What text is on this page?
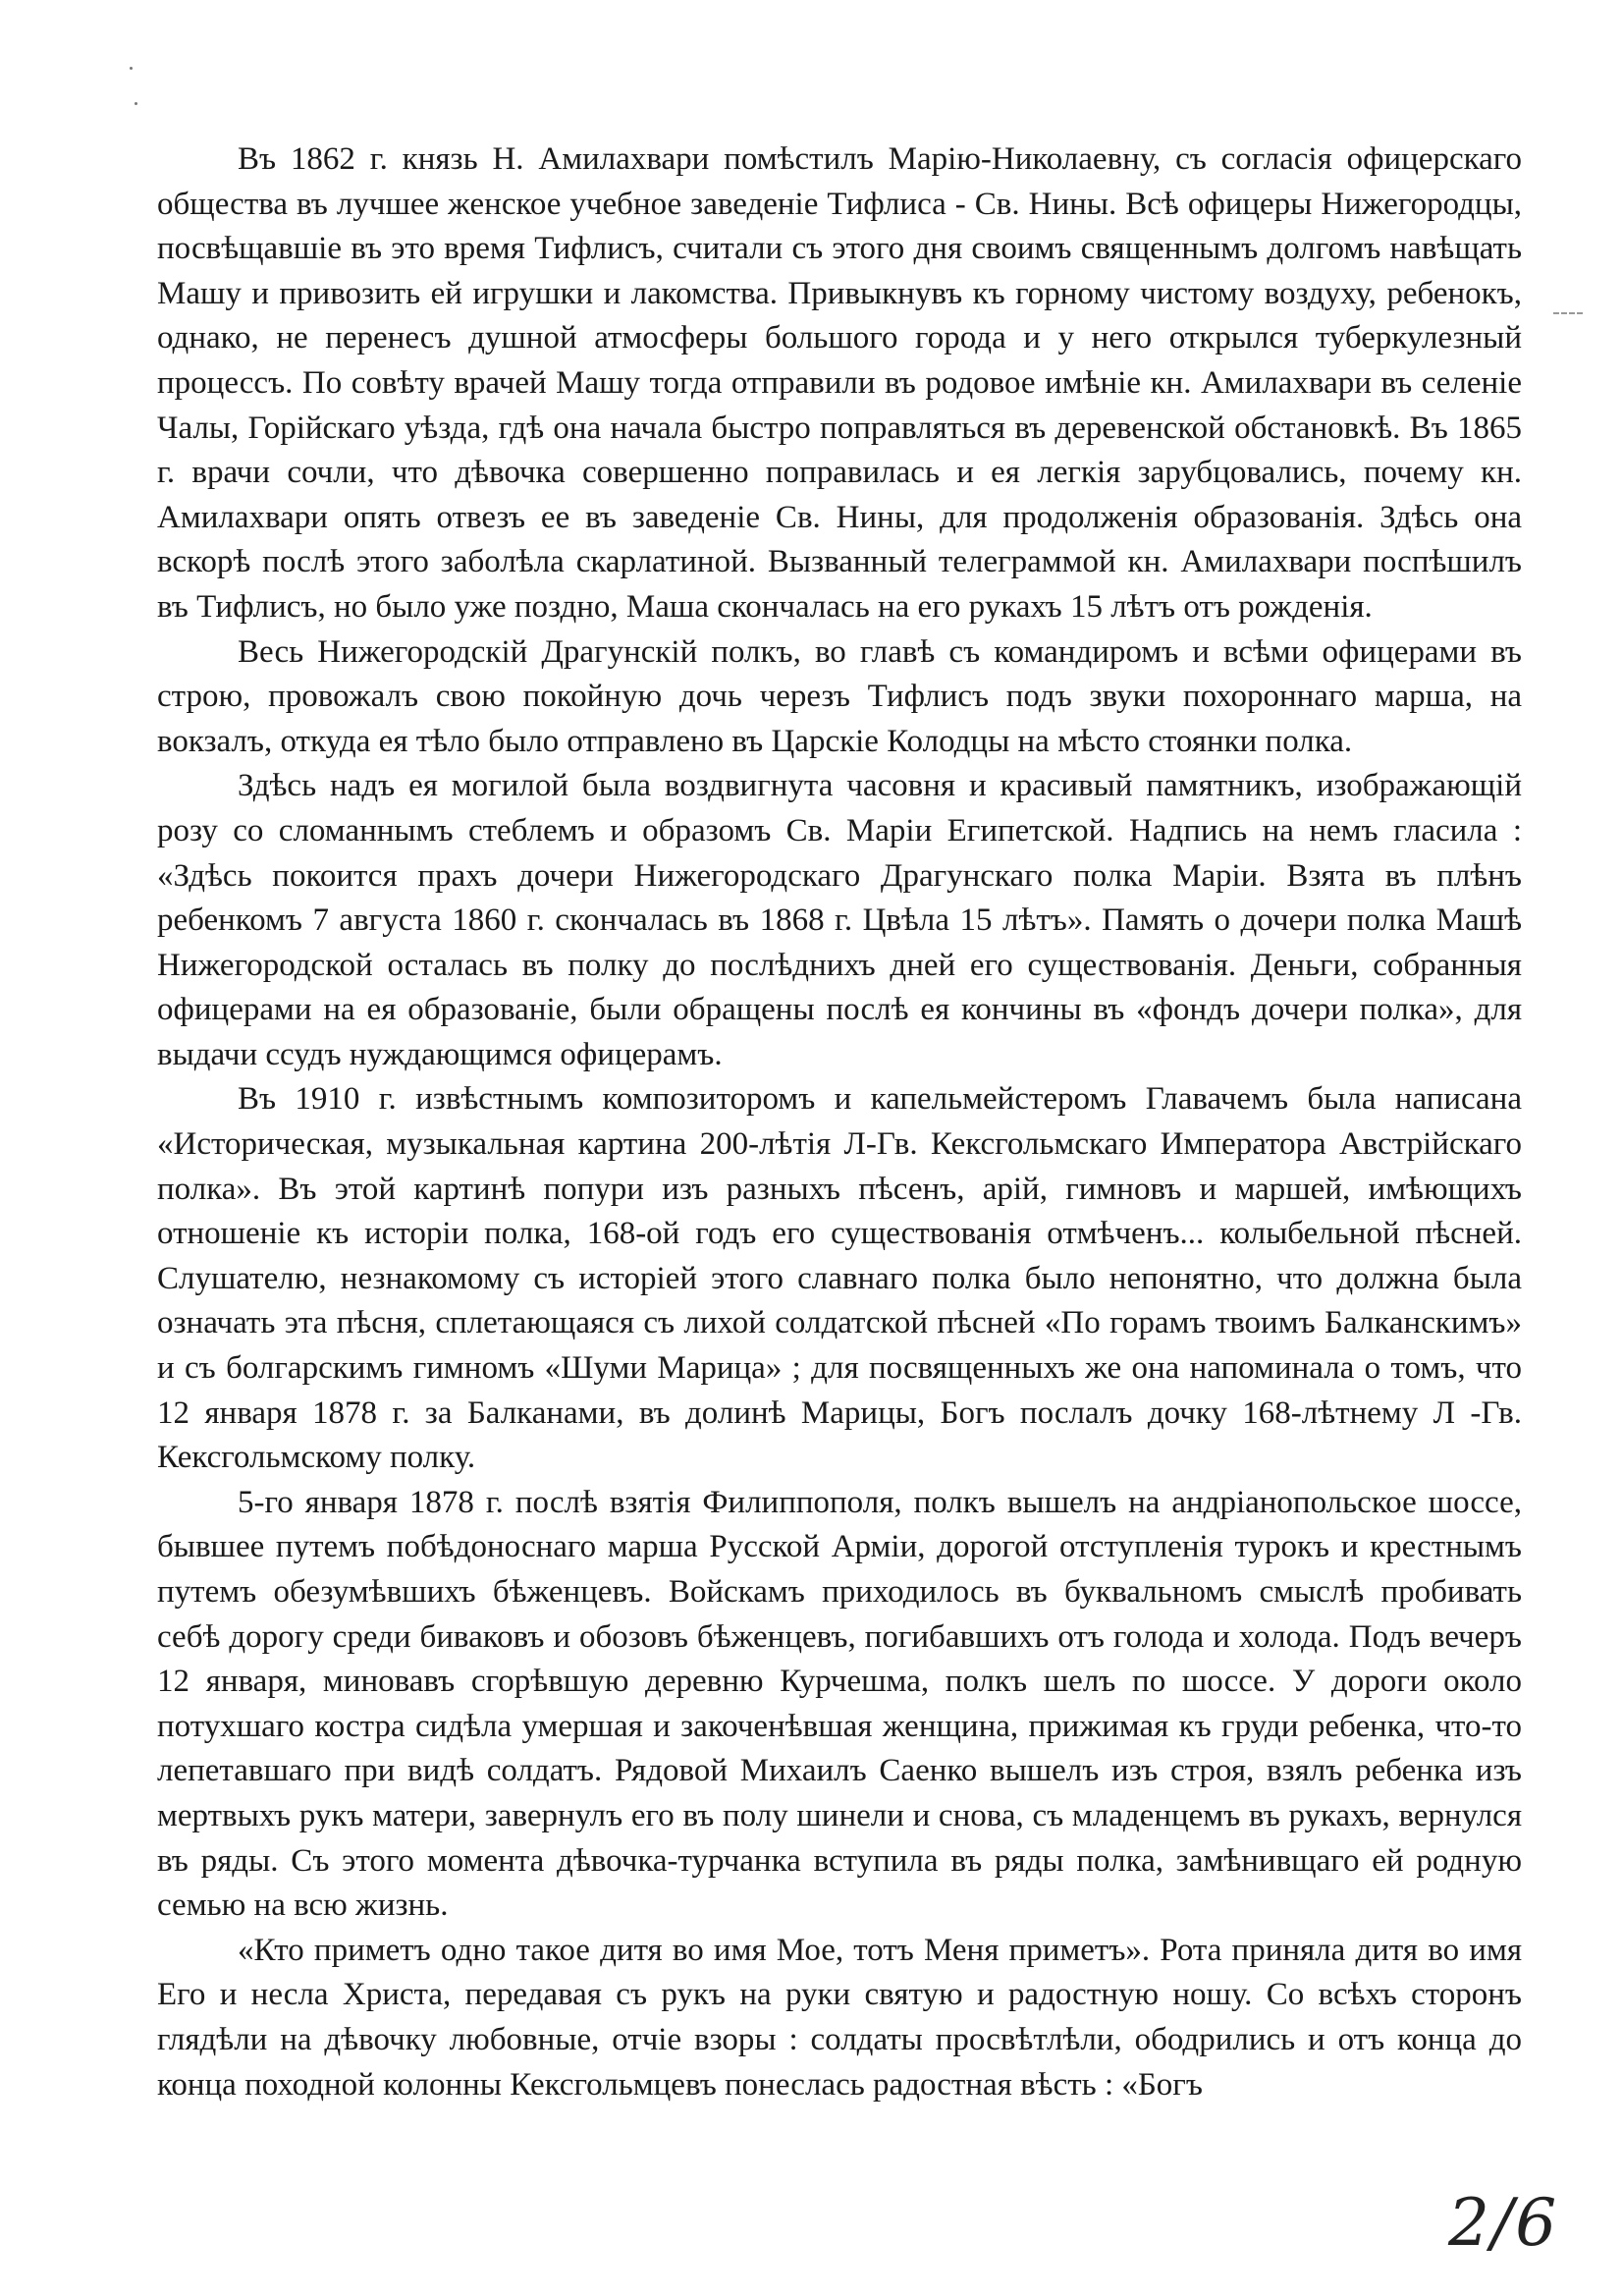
Въ 1862 г. князь Н. Амилахвари помѣстилъ Марію-Николаевну, съ согласія офицерскаго общества въ лучшее женское учебное заведеніе Тифлиса - Св. Нины. Всѣ офицеры Нижегородцы, посвѣщавшіе въ это время Тифлисъ, считали съ этого дня своимъ священнымъ долгомъ навѣщать Машу и привозить ей игрушки и лакомства. Привыкнувъ къ горному чистому воздуху, ребенокъ, однако, не перенесъ душной атмосферы большого города и у него открылся туберкулезный процессъ. По совѣту врачей Машу тогда отправили въ родовое имѣніе кн. Амилахвари въ селеніе Чалы, Горійскаго уѣзда, гдѣ она начала быстро поправляться въ деревенской обстановкѣ. Въ 1865 г. врачи сочли, что дѣвочка совершенно поправилась и ея легкія зарубцовались, почему кн. Амилахвари опять отвезъ ее въ заведеніе Св. Нины, для продолженія образованія. Здѣсь она вскорѣ послѣ этого заболѣла скарлатиной. Вызванный телеграммой кн. Амилахвари поспѣшилъ въ Тифлисъ, но было уже поздно, Маша скончалась на его рукахъ 15 лѣтъ отъ рожденія.

Весь Нижегородскій Драгунскій полкъ, во главѣ съ командиромъ и всѣми офицерами въ строю, провожалъ свою покойную дочь черезъ Тифлисъ подъ звуки похороннаго марша, на вокзалъ, откуда ея тѣло было отправлено въ Царскіе Колодцы на мѣсто стоянки полка.

Здѣсь надъ ея могилой была воздвигнута часовня и красивый памятникъ, изображающій розу со сломаннымъ стеблемъ и образомъ Св. Маріи Египетской. Надпись на немъ гласила : «Здѣсь покоится прахъ дочери Нижегородскаго Драгунскаго полка Маріи. Взята въ плѣнъ ребенкомъ 7 августа 1860 г. скончалась въ 1868 г. Цвѣла 15 лѣтъ». Память о дочери полка Машѣ Нижегородской осталась въ полку до послѣднихъ дней его существованія. Деньги, собранныя офицерами на ея образованіе, были обращены послѣ ея кончины въ «фондъ дочери полка», для выдачи ссудъ нуждающимся офицерамъ.

Въ 1910 г. извѣстнымъ композиторомъ и капельмейстеромъ Главачемъ была написана «Историческая, музыкальная картина 200-лѣтія Л-Гв. Кексгольмскаго Императора Австрійскаго полка». Въ этой картинѣ попури изъ разныхъ пѣсенъ, арій, гимновъ и маршей, имѣющихъ отношеніе къ исторіи полка, 168-ой годъ его существованія отмѣченъ... колыбельной пѣсней. Слушателю, незнакомому съ исторіей этого славнаго полка было непонятно, что должна была означать эта пѣсня, сплетающаяся съ лихой солдатской пѣсней «По горамъ твоимъ Балканскимъ» и съ болгарскимъ гимномъ «Шуми Марица» ; для посвященныхъ же она напоминала о томъ, что 12 января 1878 г. за Балканами, въ долинѣ Марицы, Богъ послалъ дочку 168-лѣтнему Л -Гв. Кексгольмскому полку.

5-го января 1878 г. послѣ взятія Филиппополя, полкъ вышелъ на андріанопольское шоссе, бывшее путемъ побѣдоноснаго марша Русской Арміи, дорогой отступленія турокъ и крестнымъ путемъ обезумѣвшихъ бѣженцевъ. Войскамъ приходилось въ буквальномъ смыслѣ пробивать себѣ дорогу среди биваковъ и обозовъ бѣженцевъ, погибавшихъ отъ голода и холода. Подъ вечеръ 12 января, миновавъ сгорѣвшую деревню Курчешма, полкъ шелъ по шоссе. У дороги около потухшаго костра сидѣла умершая и закоченѣвшая женщина, прижимая къ груди ребенка, что-то лепетавшаго при видѣ солдатъ. Рядовой Михаилъ Саенко вышелъ изъ строя, взялъ ребенка изъ мертвыхъ рукъ матери, завернулъ его въ полу шинели и снова, съ младенцемъ въ рукахъ, вернулся въ ряды. Съ этого момента дѣвочка-турчанка вступила въ ряды полка, замѣнивщаго ей родную семью на всю жизнь.

«Кто приметъ одно такое дитя во имя Мое, тотъ Меня приметъ». Рота приняла дитя во имя Его и несла Христа, передавая съ рукъ на руки святую и радостную ношу. Со всѣхъ сторонъ глядѣли на дѣвочку любовные, отчіе взоры : солдаты просвѣтлѣли, ободрились и отъ конца до конца походной колонны Кексгольмцевъ понеслась радостная вѣсть : «Богъ

2/6
